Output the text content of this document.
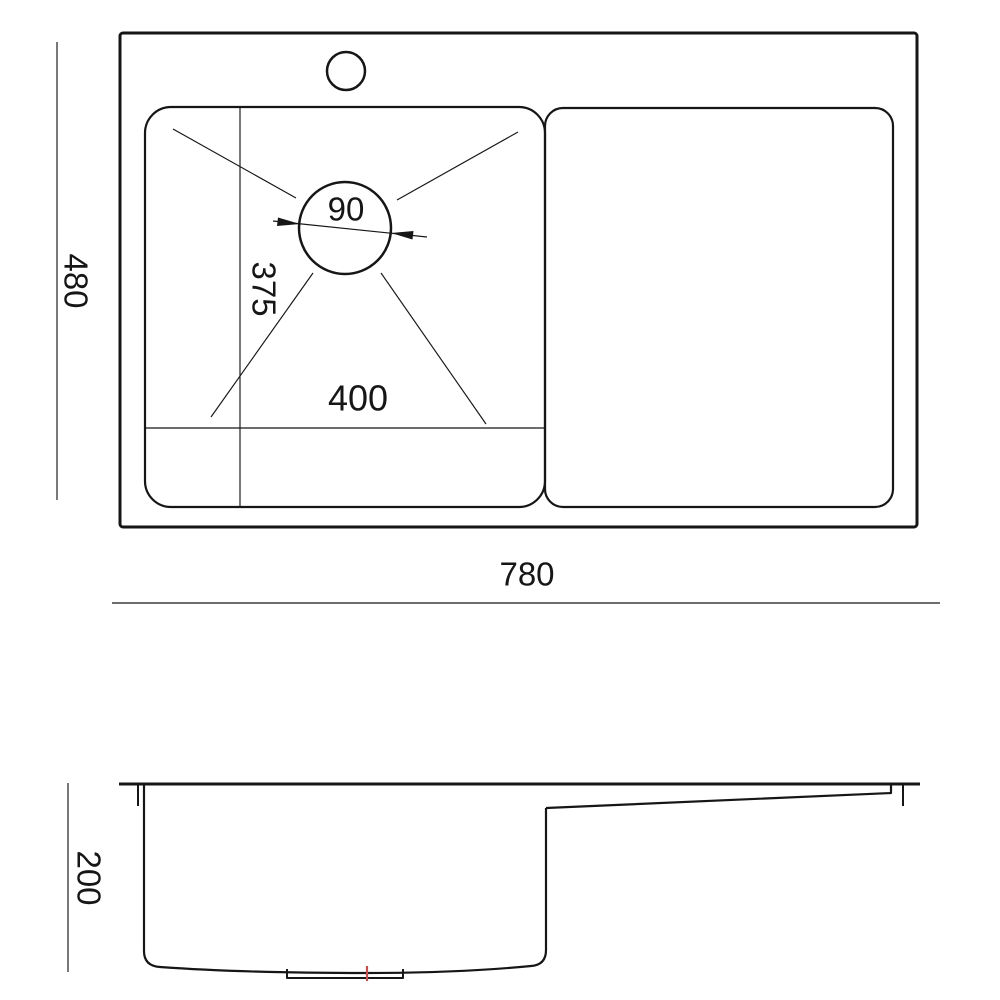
480
780
90
375
400
200
